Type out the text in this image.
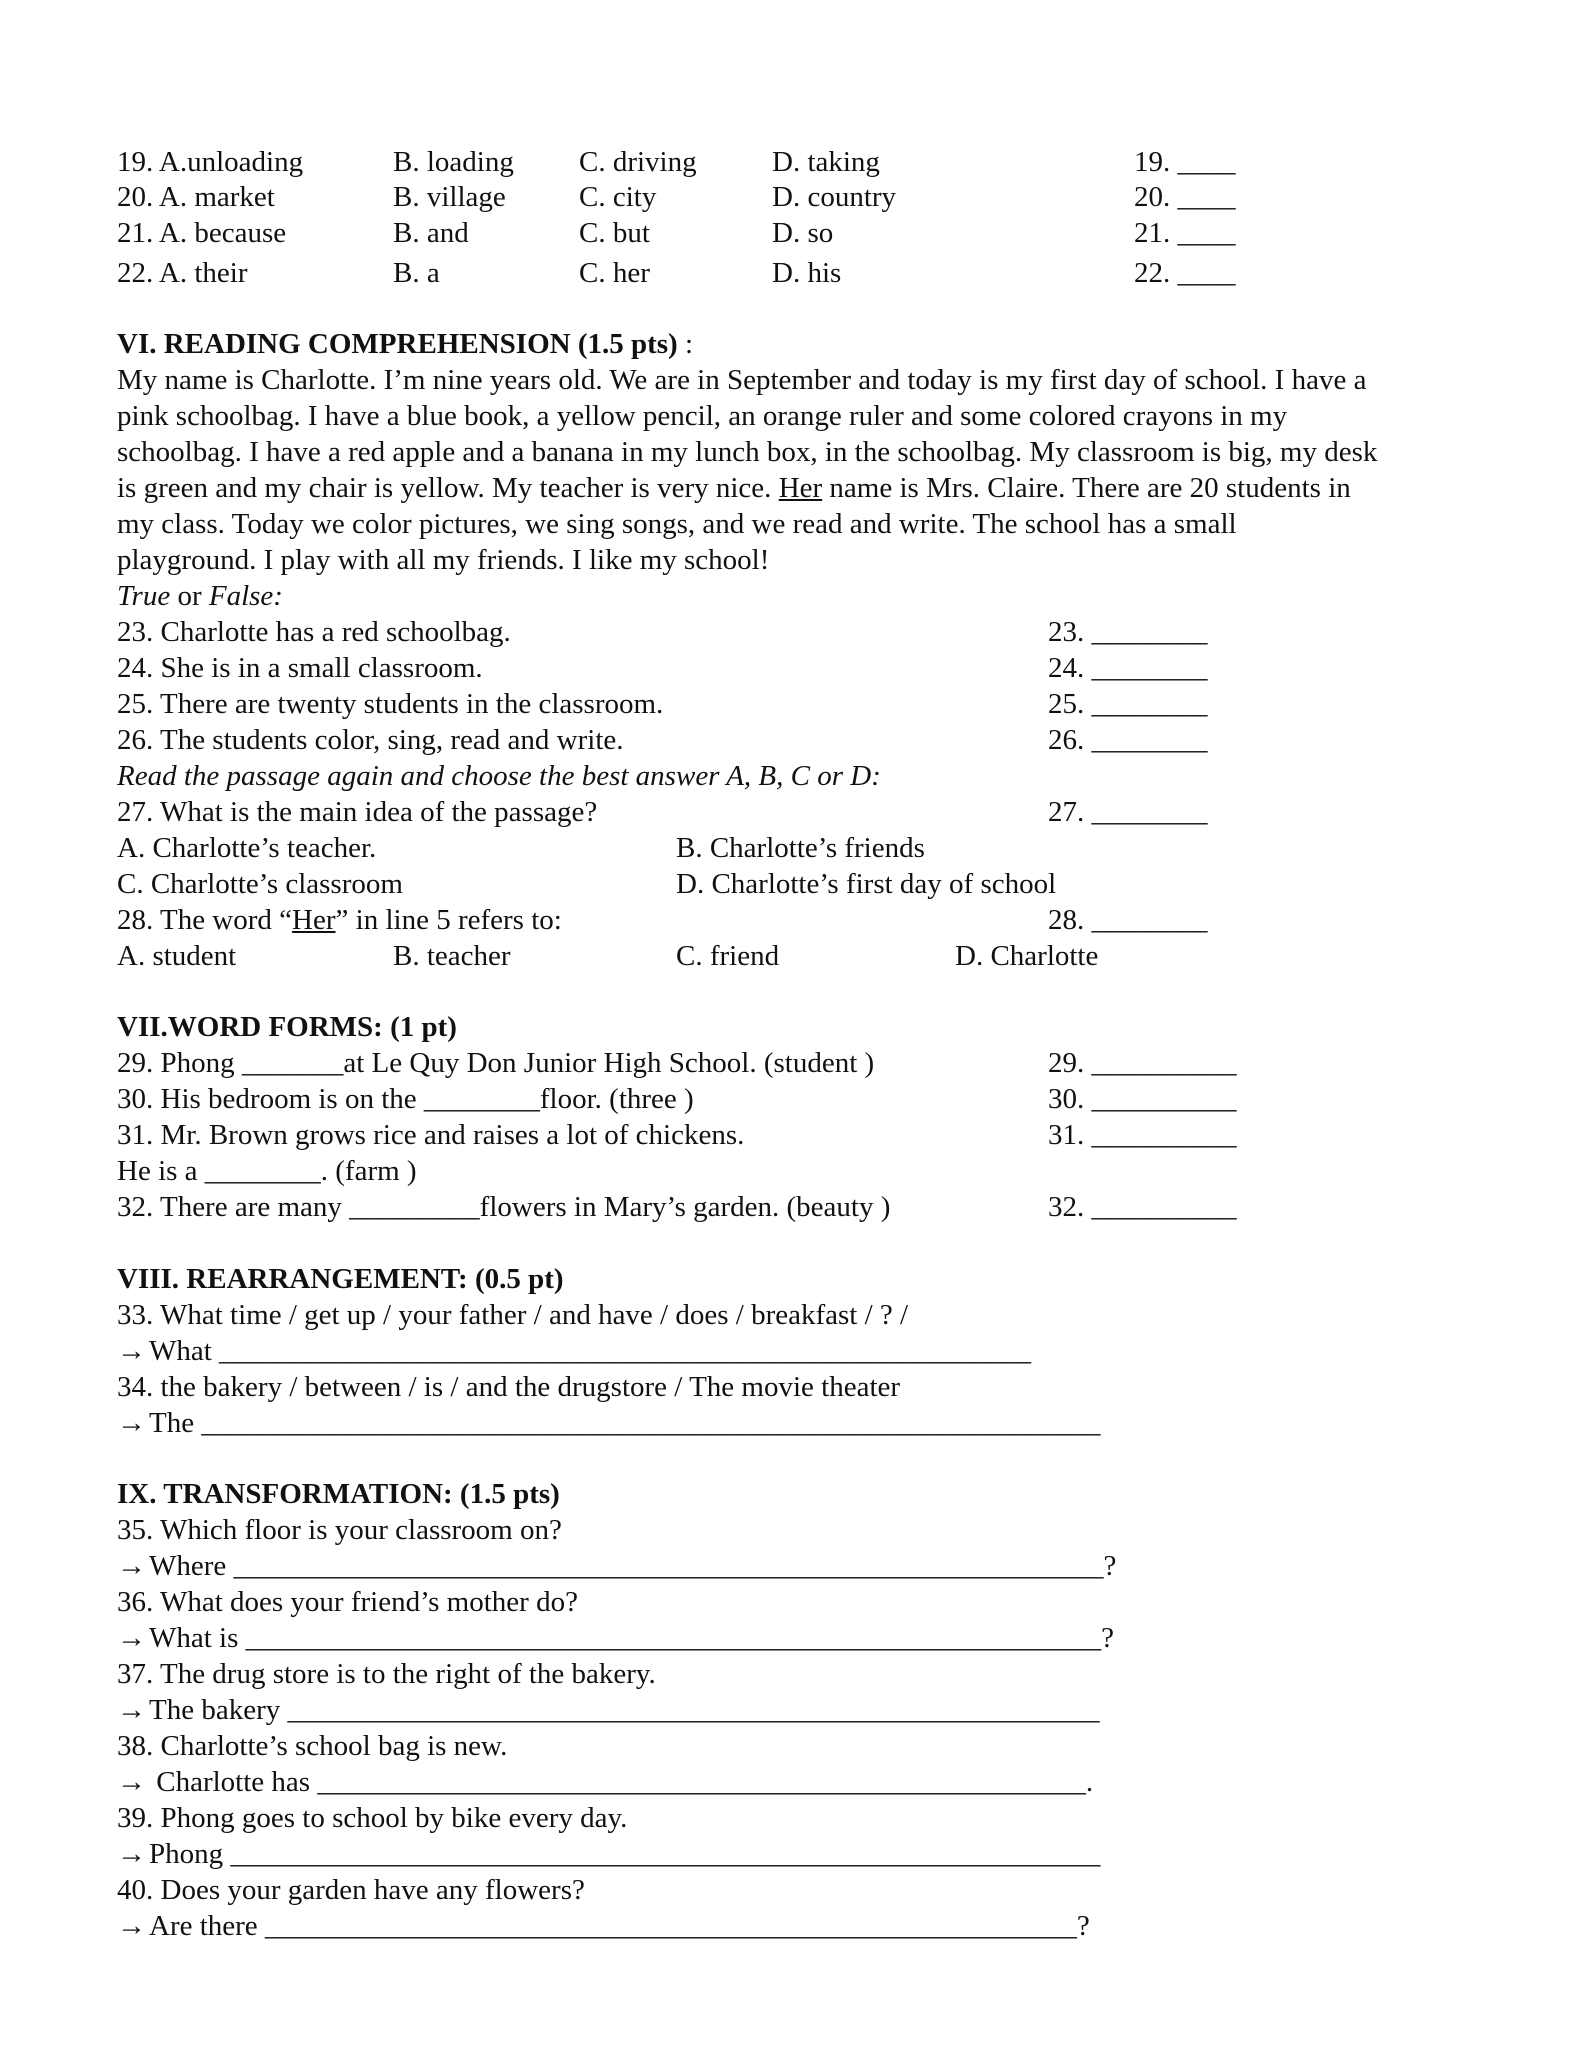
19. A.unloading	B. loading C. driving	D. taking	19. ____
20. A. market	B. village	C. city	D. country	20. ____
21. A. because	B. and	C. but	D. so	21. ____
22. A. their	B. a	C. her	D. his	22. ____
VI. READING COMPREHENSION (1.5 pts) :
My name is Charlotte. I’m nine years old. We are in September and today is my first day of school. I have a
pink schoolbag. I have a blue book, a yellow pencil, an orange ruler and some colored crayons in my
schoolbag. I have a red apple and a banana in my lunch box, in the schoolbag. My classroom is big, my desk
is green and my chair is yellow. My teacher is very nice. Her name is Mrs. Claire. There are 20 students in
my class. Today we color pictures, we sing songs, and we read and write. The school has a small
playground. I play with all my friends. I like my school!
True or False:
23. Charlotte has a red schoolbag.	23. ________
24. She is in a small classroom.	24. ________
25. There are twenty students in the classroom.	25. ________
26. The students color, sing, read and write.	26. ________
Read the passage again and choose the best answer A, B, C or D:
27. What is the main idea of the passage?	27. ________
A. Charlotte’s teacher.	B. Charlotte’s friends
C. Charlotte’s classroom	D. Charlotte’s first day of school
28. The word “Her” in line 5 refers to:	28. ________
A. student	B. teacher	C. friend	D. Charlotte
VII.WORD FORMS: (1 pt)
29. Phong _______at Le Quy Don Junior High School. (student )	29. __________
30. His bedroom is on the ________floor. (three )	30. __________
31. Mr. Brown grows rice and raises a lot of chickens.	31. __________
He is a ________. (farm )
32. There are many _________flowers in Mary’s garden. (beauty )	32. __________
VIII. REARRANGEMENT: (0.5 pt)
33. What time / get up / your father / and have / does / breakfast / ? /
→ What ________________________________________________________
34. the bakery / between / is / and the drugstore / The movie theater
→ The ______________________________________________________________
IX. TRANSFORMATION: (1.5 pts)
35. Which floor is your classroom on?
→ Where ____________________________________________________________?
36. What does your friend’s mother do?
→ What is ___________________________________________________________?
37. The drug store is to the right of the bakery.
→ The bakery ________________________________________________________
38. Charlotte’s school bag is new.
→ Charlotte has _____________________________________________________.
39. Phong goes to school by bike every day.
→ Phong ____________________________________________________________
40. Does your garden have any flowers?
→ Are there ________________________________________________________?
